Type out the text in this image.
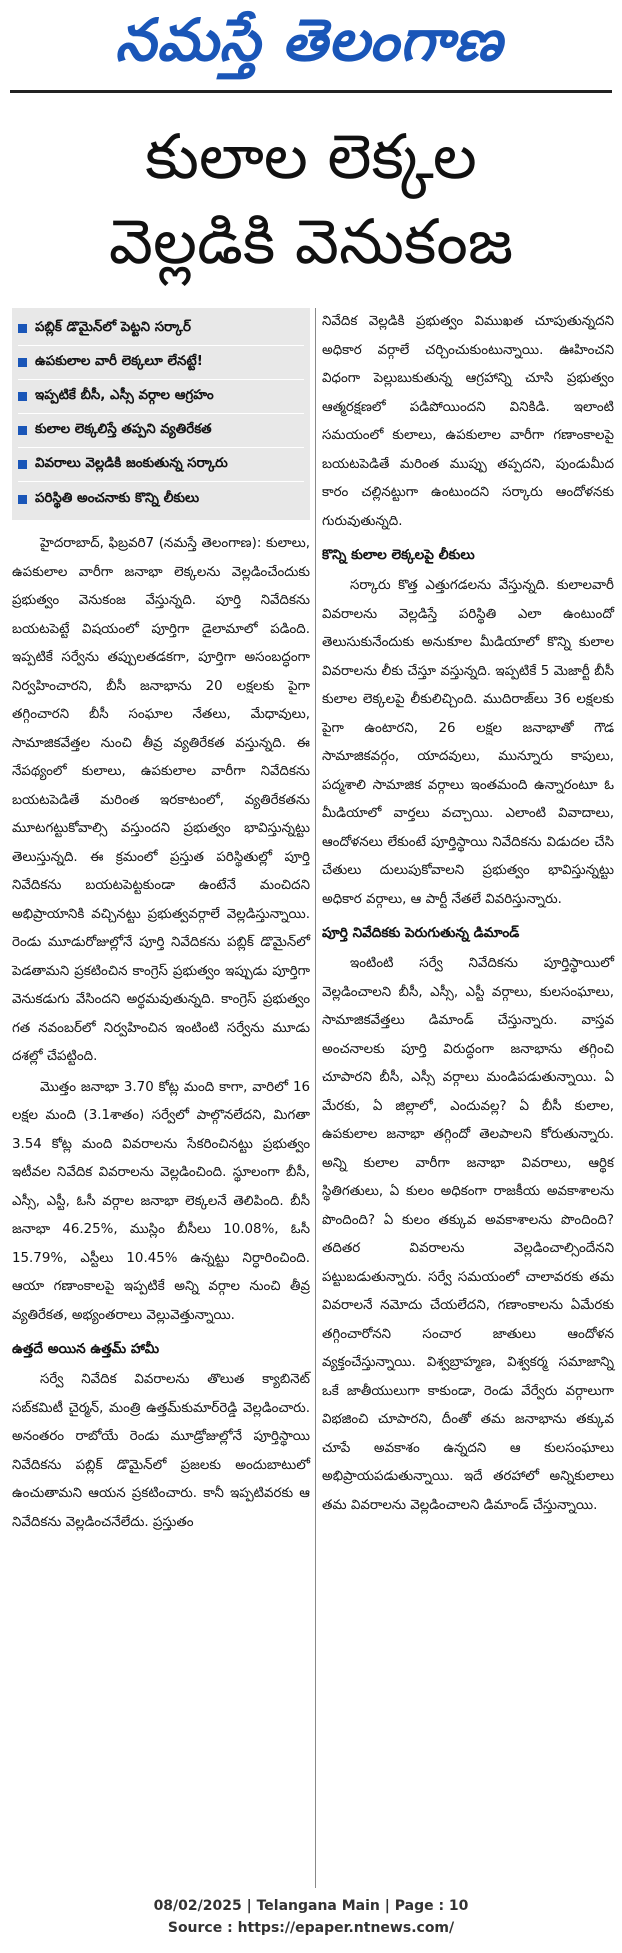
నమస్తే తెలంగాణ
కులాల లెక్కల
వెల్లడికి వెనుకంజ
పబ్లిక్‌ డొమైన్‌లో పెట్టని సర్కార్‌
ఉపకులాల వారీ లెక్కలూ లేనట్టే!
ఇప్పటికే బీసీ, ఎస్సీ వర్గాల ఆగ్రహం
కులాల లెక్కలిస్తే తప్పని వ్యతిరేకత
వివరాలు వెల్లడికి జంకుతున్న సర్కారు
పరిస్థితి అంచనాకు కొన్ని లీకులు

హైదరాబాద్‌, ఫిబ్రవరి7 (నమస్తే తెలంగాణ): కులాలు, ఉపకులాల వారీగా జనాభా లెక్కలను వెల్లడించేందుకు ప్రభుత్వం వెనుకంజ వేస్తున్నది. పూర్తి నివేదికను బయటపెట్టే విషయంలో పూర్తిగా డైలామాలో పడింది. ఇప్పటికే సర్వేను తప్పులతడకగా, పూర్తిగా అసంబద్ధంగా నిర్వహించారని, బీసీ జనాభాను 20 లక్షలకు పైగా తగ్గించారని బీసీ సంఘాల నేతలు, మేధావులు, సామాజికవేత్తల నుంచి తీవ్ర వ్యతిరేకత వస్తున్నది. ఈ నేపథ్యంలో కులాలు, ఉపకులాల వారీగా నివేదికను బయటపెడితే మరింత ఇరకాటంలో, వ్యతిరేకతను మూటగట్టుకోవాల్సి వస్తుందని ప్రభుత్వం భావిస్తున్నట్టు తెలుస్తున్నది. ఈ క్రమంలో ప్రస్తుత పరిస్థితుల్లో పూర్తి నివేదికను బయటపెట్టకుండా ఉంటేనే మంచిదని అభిప్రాయానికి వచ్చినట్టు ప్రభుత్వవర్గాలే వెల్లడిస్తున్నాయి. రెండు మూడురోజుల్లోనే పూర్తి నివేదికను పబ్లిక్‌ డొమైన్‌లో పెడతామని ప్రకటించిన కాంగ్రెస్‌ ప్రభుత్వం ఇప్పుడు పూర్తిగా వెనుకడుగు వేసిందని అర్థమవుతున్నది. కాంగ్రెస్‌ ప్రభుత్వం గత నవంబర్‌లో నిర్వహించిన ఇంటింటి సర్వేను మూడు దశల్లో చేపట్టింది.

మొత్తం జనాభా 3.70 కోట్ల మంది కాగా, వారిలో 16 లక్షల మంది (3.1శాతం) సర్వేలో పాల్గొనలేదని, మిగతా 3.54 కోట్ల మంది వివరాలను సేకరించినట్టు ప్రభుత్వం ఇటీవల నివేదిక వివరాలను వెల్లడించింది. స్థూలంగా బీసీ, ఎస్సీ, ఎస్టీ, ఓసీ వర్గాల జనాభా లెక్కలనే తెలిపింది. బీసీ జనాభా 46.25%, ముస్లిం బీసీలు 10.08%, ఓసీ 15.79%, ఎస్టీలు 10.45% ఉన్నట్టు నిర్ధారించింది. ఆయా గణాంకాలపై ఇప్పటికే అన్ని వర్గాల నుంచి తీవ్ర వ్యతిరేకత, అభ్యంతరాలు వెల్లువెత్తున్నాయి.

ఉత్తదే అయిన ఉత్తమ్‌ హామీ

సర్వే నివేదిక వివరాలను తొలుత క్యాబినెట్‌ సబ్‌కమిటీ చైర్మన్‌, మంత్రి ఉత్తమ్‌కుమార్‌రెడ్డి వెల్లడించారు. అనంతరం రాబోయే రెండు మూడ్రోజుల్లోనే పూర్తిస్థాయి నివేదికను పబ్లిక్‌ డొమైన్‌లో ప్రజలకు అందుబాటులో ఉంచుతామని ఆయన ప్రకటించారు. కానీ ఇప్పటివరకు ఆ నివేదికను వెల్లడించనేలేదు. ప్రస్తుతం

నివేదిక వెల్లడికి ప్రభుత్వం విముఖత చూపుతున్నదని అధికార వర్గాలే చర్చించుకుంటున్నాయి. ఊహించని విధంగా పెల్లుబుకుతున్న ఆగ్రహాన్ని చూసి ప్రభుత్వం ఆత్మరక్షణలో పడిపోయిందని వినికిడి. ఇలాంటి సమయంలో కులాలు, ఉపకులాల వారీగా గణాంకాలపై బయటపెడితే మరింత ముప్పు తప్పదని, పుండుమీద కారం చల్లినట్టుగా ఉంటుందని సర్కారు ఆందోళనకు గురువుతున్నది.

కొన్ని కులాల లెక్కలపై లీకులు

సర్కారు కొత్త ఎత్తుగడలను వేస్తున్నది. కులాలవారీ వివరాలను వెల్లడిస్తే పరిస్థితి ఎలా ఉంటుందో తెలుసుకునేందుకు అనుకూల మీడియాలో కొన్ని కులాల వివరాలను లీకు చేస్తూ వస్తున్నది. ఇప్పటికే 5 మెజార్టీ బీసీ కులాల లెక్కలపై లీకులిచ్చింది. ముదిరాజ్‌లు 36 లక్షలకు పైగా ఉంటారని, 26 లక్షల జనాభాతో గౌడ సామాజికవర్గం, యాదవులు, మున్నూరు కాపులు, పద్మశాలి సామాజిక వర్గాలు ఇంతమంది ఉన్నారంటూ ఓ మీడియాలో వార్తలు వచ్చాయి. ఎలాంటి వివాదాలు, ఆందోళనలు లేకుంటే పూర్తిస్థాయి నివేదికను విడుదల చేసి చేతులు దులుపుకోవాలని ప్రభుత్వం భావిస్తున్నట్టు అధికార వర్గాలు, ఆ పార్టీ నేతలే వివరిస్తున్నారు.

పూర్తి నివేదికకు పెరుగుతున్న డిమాండ్‌

ఇంటింటి సర్వే నివేదికను పూర్తిస్థాయిలో వెల్లడించాలని బీసీ, ఎస్సీ, ఎస్టీ వర్గాలు, కులసంఘాలు, సామాజికవేత్తలు డిమాండ్‌ చేస్తున్నారు. వాస్తవ అంచనాలకు పూర్తి విరుద్ధంగా జనాభాను తగ్గించి చూపారని బీసీ, ఎస్సీ వర్గాలు మండిపడుతున్నాయి. ఏ మేరకు, ఏ జిల్లాలో, ఎందువల్ల? ఏ బీసీ కులాల, ఉపకులాల జనాభా తగ్గిందో తెలపాలని కోరుతున్నారు. అన్ని కులాల వారీగా జనాభా వివరాలు, ఆర్థిక స్థితిగతులు, ఏ కులం అధికంగా రాజకీయ అవకాశాలను పొందింది? ఏ కులం తక్కువ అవకాశాలను పొందింది? తదితర వివరాలను వెల్లడించాల్సిందేనని పట్టుబడుతున్నారు. సర్వే సమయంలో చాలావరకు తమ వివరాలనే నమోదు చేయలేదని, గణాంకాలను ఏమేరకు తగ్గించారోనని సంచార జాతులు ఆందోళన వ్యక్తంచేస్తున్నాయి. విశ్వబ్రాహ్మణ, విశ్వకర్మ సమాజాన్ని ఒకే జాతీయులుగా కాకుండా, రెండు వేర్వేరు వర్గాలుగా విభజించి చూపారని, దీంతో తమ జనాభాను తక్కువ చూపే అవకాశం ఉన్నదని ఆ కులసంఘాలు అభిప్రాయపడుతున్నాయి. ఇదే తరహాలో అన్నికులాలు తమ వివరాలను వెల్లడించాలని డిమాండ్‌ చేస్తున్నాయి.

08/02/2025 | Telangana Main | Page : 10
Source : https://epaper.ntnews.com/
